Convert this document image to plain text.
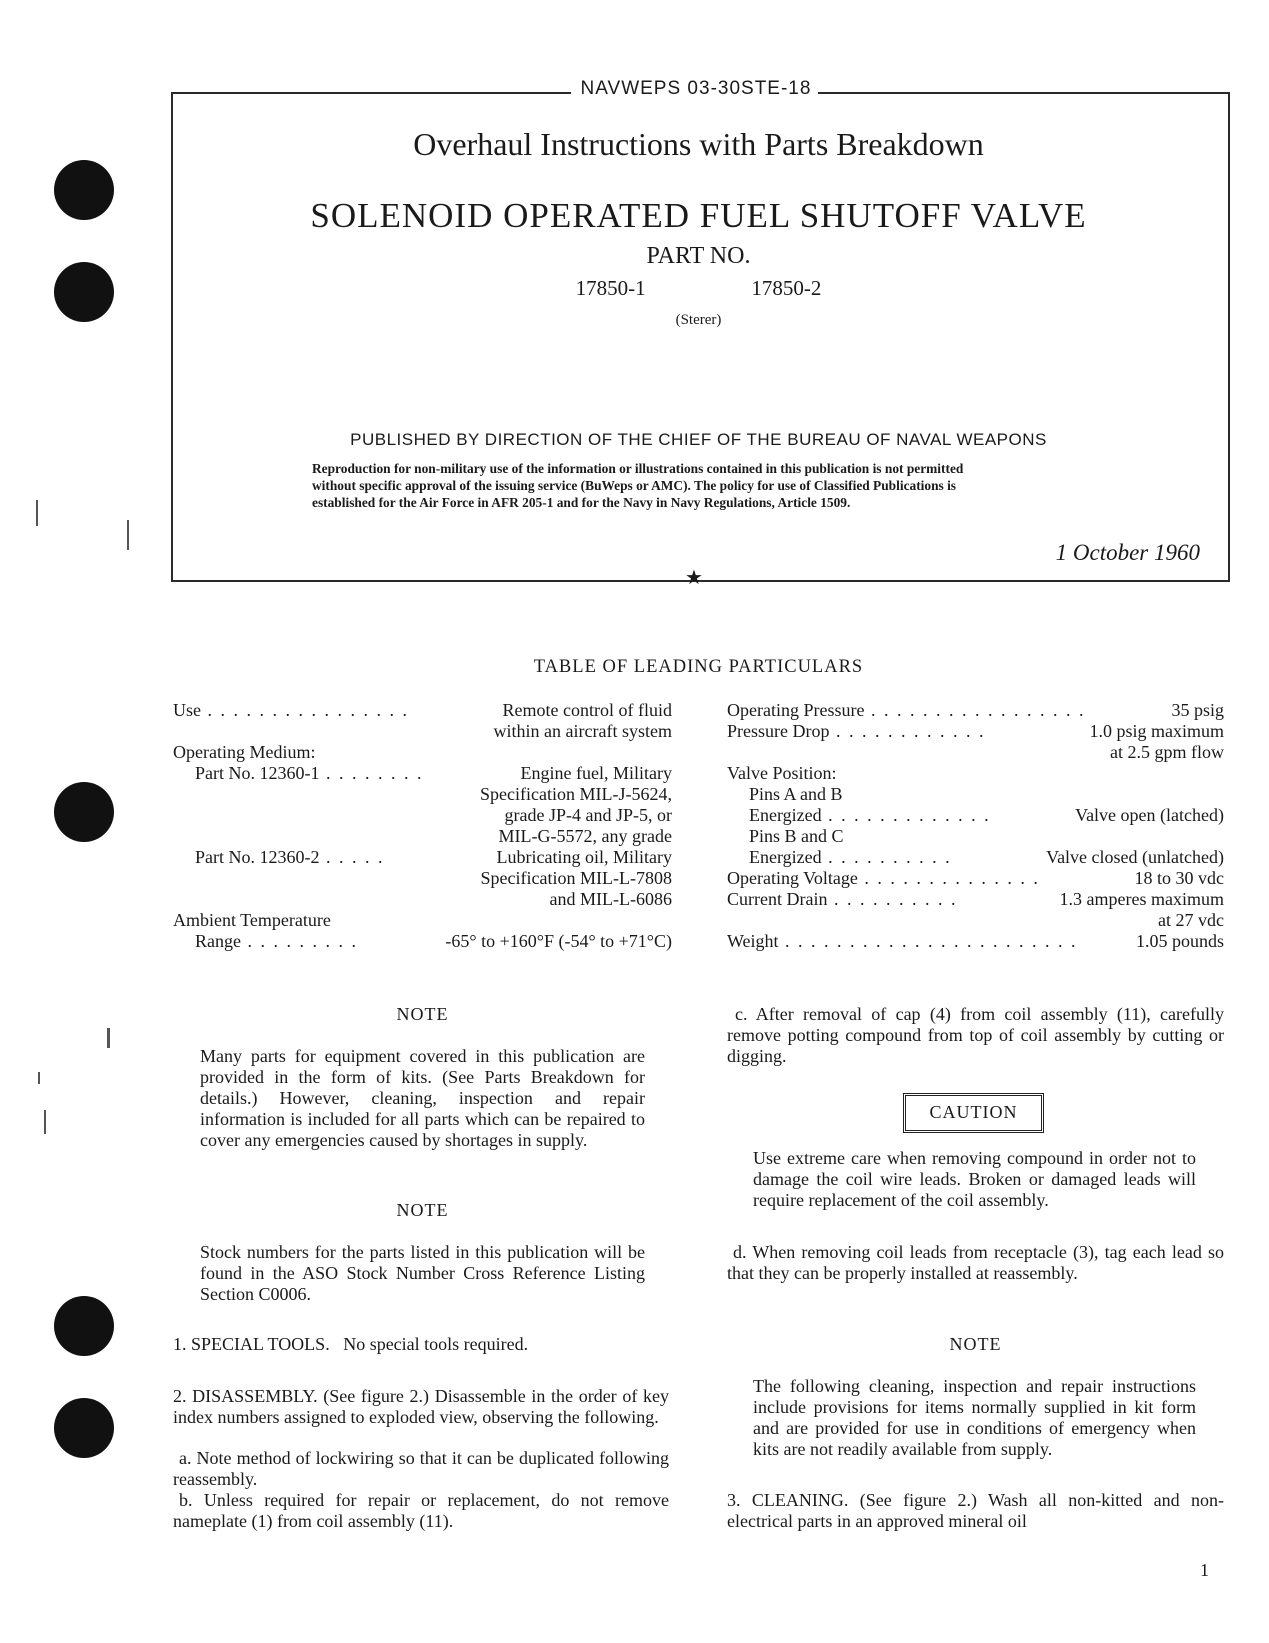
NAVWEPS 03-30STE-18
Overhaul Instructions with Parts Breakdown
SOLENOID OPERATED FUEL SHUTOFF VALVE
PART NO.
17850-1   17850-2
(Sterer)
PUBLISHED BY DIRECTION OF THE CHIEF OF THE BUREAU OF NAVAL WEAPONS
Reproduction for non-military use of the information or illustrations contained in this publication is not permitted
without specific approval of the issuing service (BuWeps or AMC). The policy for use of Classified Publications is
established for the Air Force in AFR 205-1 and for the Navy in Navy Regulations, Article 1509.
1 October 1960
★
TABLE OF LEADING PARTICULARS
Use . . . . . . . . . . . . . . . .	Remote control of fluid
within an aircraft system
Operating Medium:
Part No. 12360-1 . . . . . . . .	Engine fuel, Military
Specification MIL-J-5624,
grade JP-4 and JP-5, or
MIL-G-5572, any grade
Part No. 12360-2 . . . . .	Lubricating oil, Military
Specification MIL-L-7808
and MIL-L-6086
Ambient Temperature
Range . . . . . . . . .	-65° to +160°F (-54° to +71°C)
Operating Pressure . . . . . . . . . . . . . . . . .	35 psig
Pressure Drop . . . . . . . . . . . .	1.0 psig maximum
at 2.5 gpm flow
Valve Position:
Pins A and B
Energized . . . . . . . . . . . . .	Valve open (latched)
Pins B and C
Energized . . . . . . . . . .	Valve closed (unlatched)
Operating Voltage . . . . . . . . . . . . . .	18 to 30 vdc
Current Drain . . . . . . . . . .	1.3 amperes maximum
at 27 vdc
Weight . . . . . . . . . . . . . . . . . . . . . . .	1.05 pounds
NOTE
Many parts for equipment covered in this publication are provided in the form of kits. (See Parts Breakdown for details.) However, cleaning, inspection and repair information is included for all parts which can be repaired to cover any emergencies caused by shortages in supply.
NOTE
Stock numbers for the parts listed in this publication will be found in the ASO Stock Number Cross Reference Listing Section C0006.
1. SPECIAL TOOLS.   No special tools required.
2. DISASSEMBLY. (See figure 2.) Disassemble in the order of key index numbers assigned to exploded view, observing the following.
a. Note method of lockwiring so that it can be duplicated following reassembly.
b. Unless required for repair or replacement, do not remove nameplate (1) from coil assembly (11).
c. After removal of cap (4) from coil assembly (11), carefully remove potting compound from top of coil assembly by cutting or digging.
CAUTION
Use extreme care when removing compound in order not to damage the coil wire leads. Broken or damaged leads will require replacement of the coil assembly.
d. When removing coil leads from receptacle (3), tag each lead so that they can be properly installed at reassembly.
NOTE
The following cleaning, inspection and repair instructions include provisions for items normally supplied in kit form and are provided for use in conditions of emergency when kits are not readily available from supply.
3. CLEANING. (See figure 2.) Wash all non-kitted and non-electrical parts in an approved mineral oil
1
